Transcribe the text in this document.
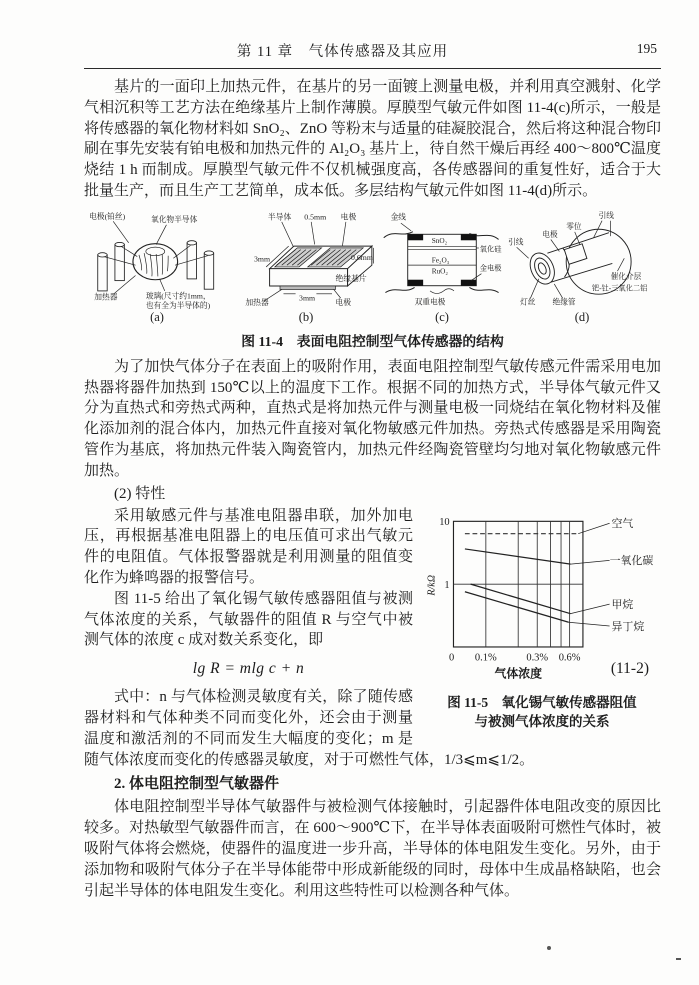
第 11 章　气体传感器及其应用	195

基片的一面印上加热元件，在基片的另一面镀上测量电极，并利用真空溅射、化学气相沉积等工艺方法在绝缘基片上制作薄膜。厚膜型气敏元件如图 11-4(c)所示，一般是将传感器的氧化物材料如 SnO₂、ZnO 等粉末与适量的硅凝胶混合，然后将这种混合物印刷在事先安装有铂电极和加热元件的 Al₂O₃ 基片上，待自然干燥后再经 400～800℃温度烧结 1 h 而制成。厚膜型气敏元件不仅机械强度高，各传感器间的重复性好，适合于大批量生产，而且生产工艺简单，成本低。多层结构气敏元件如图 11-4(d)所示。

电极(铂丝)	氧化物半导体
加热器	玻璃(尺寸约1mm，
也有全为半导体的)
(a)
半导体 0.5mm 电极
3mm	0.6mm
绝缘基片
加热器	3mm 电极
(b)
金线
SnO₂
氧化硅
Fe₂O₃
RuO₂	金电极
双重电极
(c)
引线
零位
电极
引线
催化介层
钯-钍-三氧化二铝
灯丝 绝缘管
(d)
图 11-4　表面电阻控制型气体传感器的结构

为了加快气体分子在表面上的吸附作用，表面电阻控制型气敏传感元件需采用电加热器将器件加热到 150℃以上的温度下工作。根据不同的加热方式，半导体气敏元件又分为直热式和旁热式两种，直热式是将加热元件与测量电极一同烧结在氧化物材料及催化添加剂的混合体内，加热元件直接对氧化物敏感元件加热。旁热式传感器是采用陶瓷管作为基底，将加热元件装入陶瓷管内，加热元件经陶瓷管壁均匀地对氧化物敏感元件加热。

(2) 特性

空气
一氧化碳
甲烷
异丁烷
10
1
R/kΩ
0 0.1%	0.3% 0.6%
气体浓度
图 11-5　氧化锡气敏传感器阻值
与被测气体浓度的关系

采用敏感元件与基准电阻器串联，加外加电压，再根据基准电阻器上的电压值可求出气敏元件的电阻值。气体报警器就是利用测量的阻值变化作为蜂鸣器的报警信号。

图 11-5 给出了氧化锡气敏传感器阻值与被测气体浓度的关系，气敏器件的阻值 R 与空气中被测气体的浓度 c 成对数关系变化，即

lg R = mlg c + n	(11-2)

式中：n 与气体检测灵敏度有关，除了随传感器材料和气体种类不同而变化外，还会由于测量温度和激活剂的不同而发生大幅度的变化；m 是随气体浓度而变化的传感器灵敏度，对于可燃性气体，1/3⩽m⩽1/2。

2. 体电阻控制型气敏器件

体电阻控制型半导体气敏器件与被检测气体接触时，引起器件体电阻改变的原因比较多。对热敏型气敏器件而言，在 600～900℃下，在半导体表面吸附可燃性气体时，被吸附气体将会燃烧，使器件的温度进一步升高，半导体的体电阻发生变化。另外，由于添加物和吸附气体分子在半导体能带中形成新能级的同时，母体中生成晶格缺陷，也会引起半导体的体电阻发生变化。利用这些特性可以检测各种气体。
